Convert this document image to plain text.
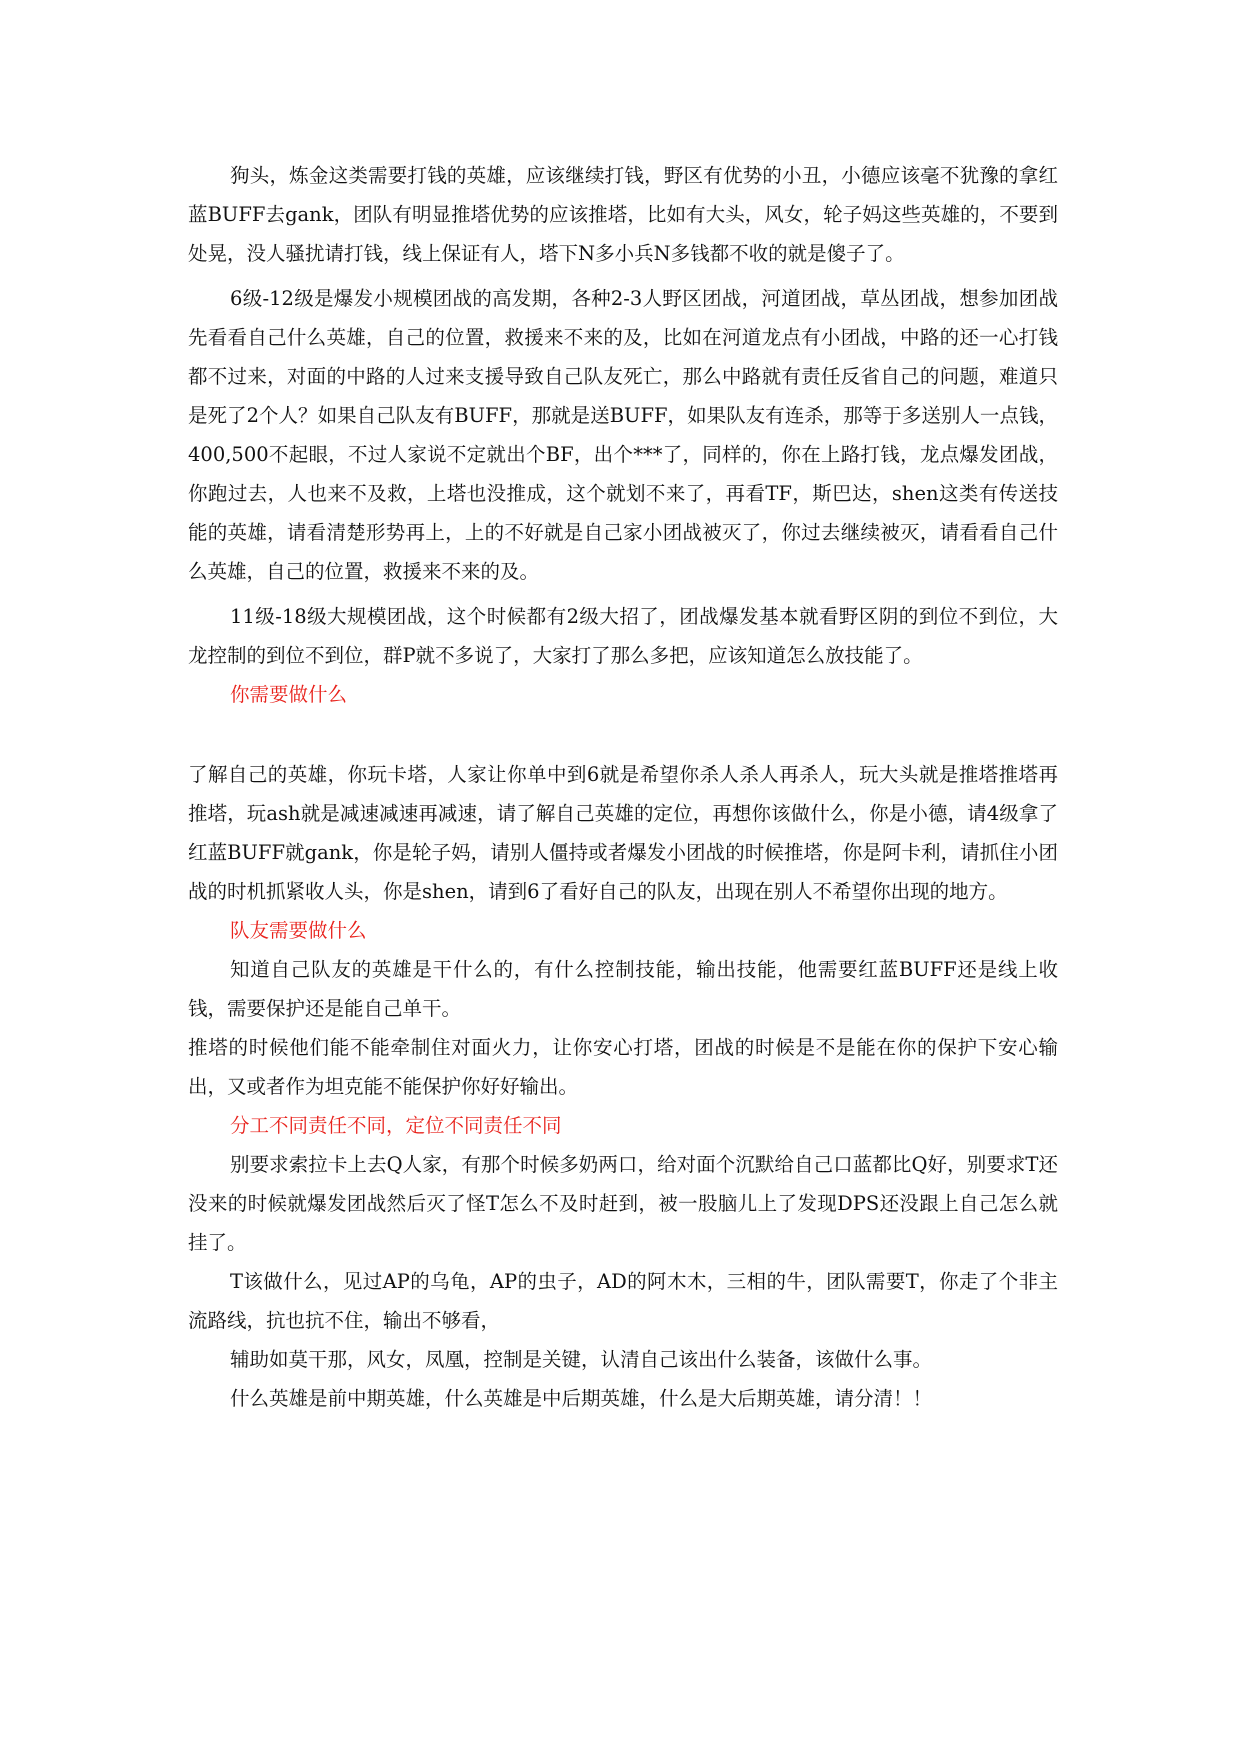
狗头，炼金这类需要打钱的英雄，应该继续打钱，野区有优势的小丑，小德应该毫不犹豫的拿红蓝BUFF去gank，团队有明显推塔优势的应该推塔，比如有大头，风女，轮子妈这些英雄的，不要到处晃，没人骚扰请打钱，线上保证有人，塔下N多小兵N多钱都不收的就是傻子了。

6级-12级是爆发小规模团战的高发期，各种2-3人野区团战，河道团战，草丛团战，想参加团战先看看自己什么英雄，自己的位置，救援来不来的及，比如在河道龙点有小团战，中路的还一心打钱都不过来，对面的中路的人过来支援导致自己队友死亡，那么中路就有责任反省自己的问题，难道只是死了2个人？如果自己队友有BUFF，那就是送BUFF，如果队友有连杀，那等于多送别人一点钱，400,500不起眼，不过人家说不定就出个BF，出个***了，同样的，你在上路打钱，龙点爆发团战，你跑过去，人也来不及救，上塔也没推成，这个就划不来了，再看TF，斯巴达，shen这类有传送技能的英雄，请看清楚形势再上，上的不好就是自己家小团战被灭了，你过去继续被灭，请看看自己什么英雄，自己的位置，救援来不来的及。

11级-18级大规模团战，这个时候都有2级大招了，团战爆发基本就看野区阴的到位不到位，大龙控制的到位不到位，群P就不多说了，大家打了那么多把，应该知道怎么放技能了。

你需要做什么

了解自己的英雄，你玩卡塔，人家让你单中到6就是希望你杀人杀人再杀人，玩大头就是推塔推塔再推塔，玩ash就是减速减速再减速，请了解自己英雄的定位，再想你该做什么，你是小德，请4级拿了红蓝BUFF就gank，你是轮子妈，请别人僵持或者爆发小团战的时候推塔，你是阿卡利，请抓住小团战的时机抓紧收人头，你是shen，请到6了看好自己的队友，出现在别人不希望你出现的地方。

队友需要做什么

知道自己队友的英雄是干什么的，有什么控制技能，输出技能，他需要红蓝BUFF还是线上收钱，需要保护还是能自己单干。

推塔的时候他们能不能牵制住对面火力，让你安心打塔，团战的时候是不是能在你的保护下安心输出，又或者作为坦克能不能保护你好好输出。

分工不同责任不同，定位不同责任不同

别要求索拉卡上去Q人家，有那个时候多奶两口，给对面个沉默给自己口蓝都比Q好，别要求T还没来的时候就爆发团战然后灭了怪T怎么不及时赶到，被一股脑儿上了发现DPS还没跟上自己怎么就挂了。

T该做什么，见过AP的乌龟，AP的虫子，AD的阿木木，三相的牛，团队需要T，你走了个非主流路线，抗也抗不住，输出不够看，

辅助如莫干那，风女，凤凰，控制是关键，认清自己该出什么装备，该做什么事。

什么英雄是前中期英雄，什么英雄是中后期英雄，什么是大后期英雄，请分清！！
